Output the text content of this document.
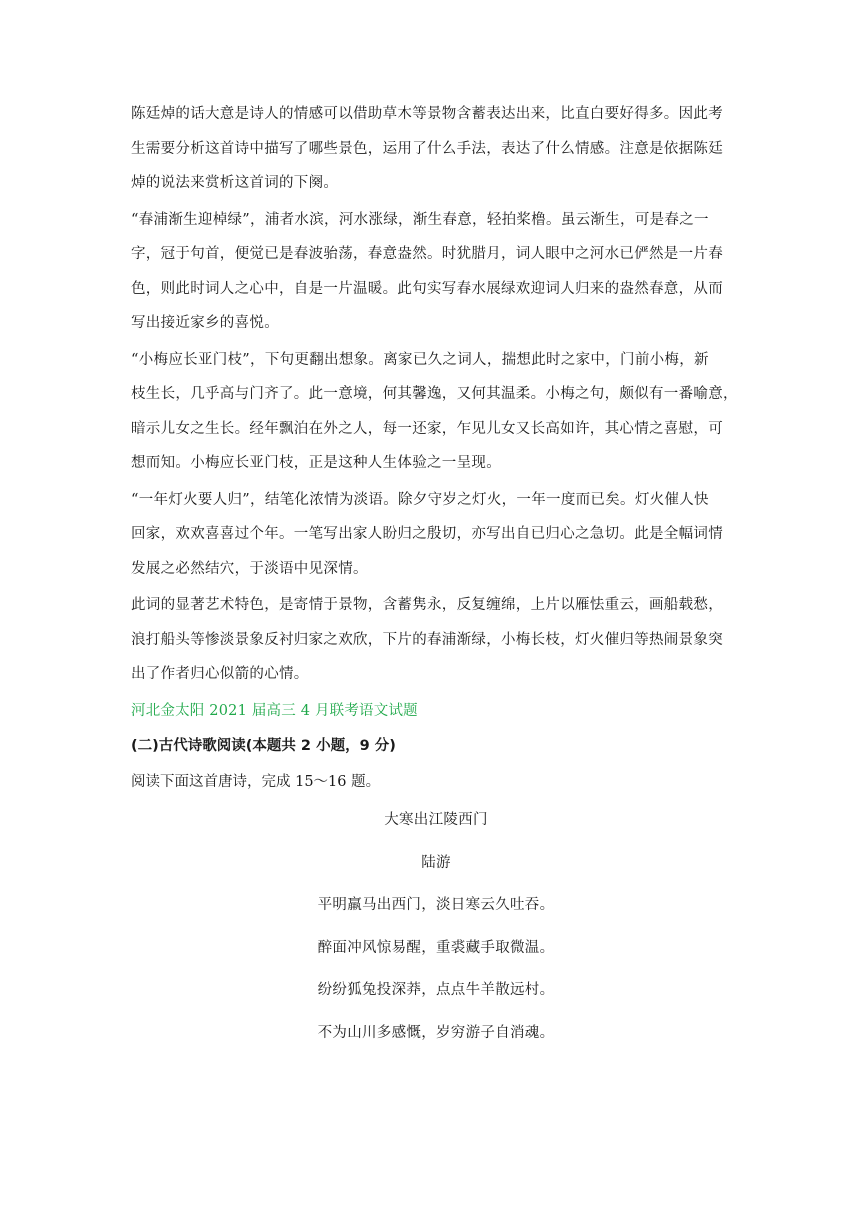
陈廷焯的话大意是诗人的情感可以借助草木等景物含蓄表达出来，比直白要好得多。因此考
生需要分析这首诗中描写了哪些景色，运用了什么手法，表达了什么情感。注意是依据陈廷
焯的说法来赏析这首词的下阕。

“春浦渐生迎棹绿”，浦者水滨，河水涨绿，渐生春意，轻拍桨橹。虽云渐生，可是春之一
字，冠于句首，便觉已是春波骀荡，春意盎然。时犹腊月，词人眼中之河水已俨然是一片春
色，则此时词人之心中，自是一片温暖。此句实写春水展绿欢迎词人归来的盎然春意，从而
写出接近家乡的喜悦。

“小梅应长亚门枝”，下句更翻出想象。离家已久之词人，揣想此时之家中，门前小梅，新
枝生长，几乎高与门齐了。此一意境，何其馨逸，又何其温柔。小梅之句，颇似有一番喻意，
暗示儿女之生长。经年飘泊在外之人，每一还家，乍见儿女又长高如许，其心情之喜慰，可
想而知。小梅应长亚门枝，正是这种人生体验之一呈现。

“一年灯火要人归”，结笔化浓情为淡语。除夕守岁之灯火，一年一度而已矣。灯火催人快
回家，欢欢喜喜过个年。一笔写出家人盼归之殷切，亦写出自已归心之急切。此是全幅词情
发展之必然结穴，于淡语中见深情。

此词的显著艺术特色，是寄情于景物，含蓄隽永，反复缠绵，上片以雁怯重云，画船载愁，
浪打船头等惨淡景象反衬归家之欢欣，下片的春浦渐绿，小梅长枝，灯火催归等热闹景象突
出了作者归心似箭的心情。

河北金太阳 2021 届高三 4 月联考语文试题

(二)古代诗歌阅读(本题共 2 小题，9 分)

阅读下面这首唐诗，完成 15～16 题。

大寒出江陵西门

陆游

平明羸马出西门，淡日寒云久吐吞。

醉面冲风惊易醒，重裘藏手取微温。

纷纷狐兔投深莽，点点牛羊散远村。

不为山川多感慨，岁穷游子自消魂。
